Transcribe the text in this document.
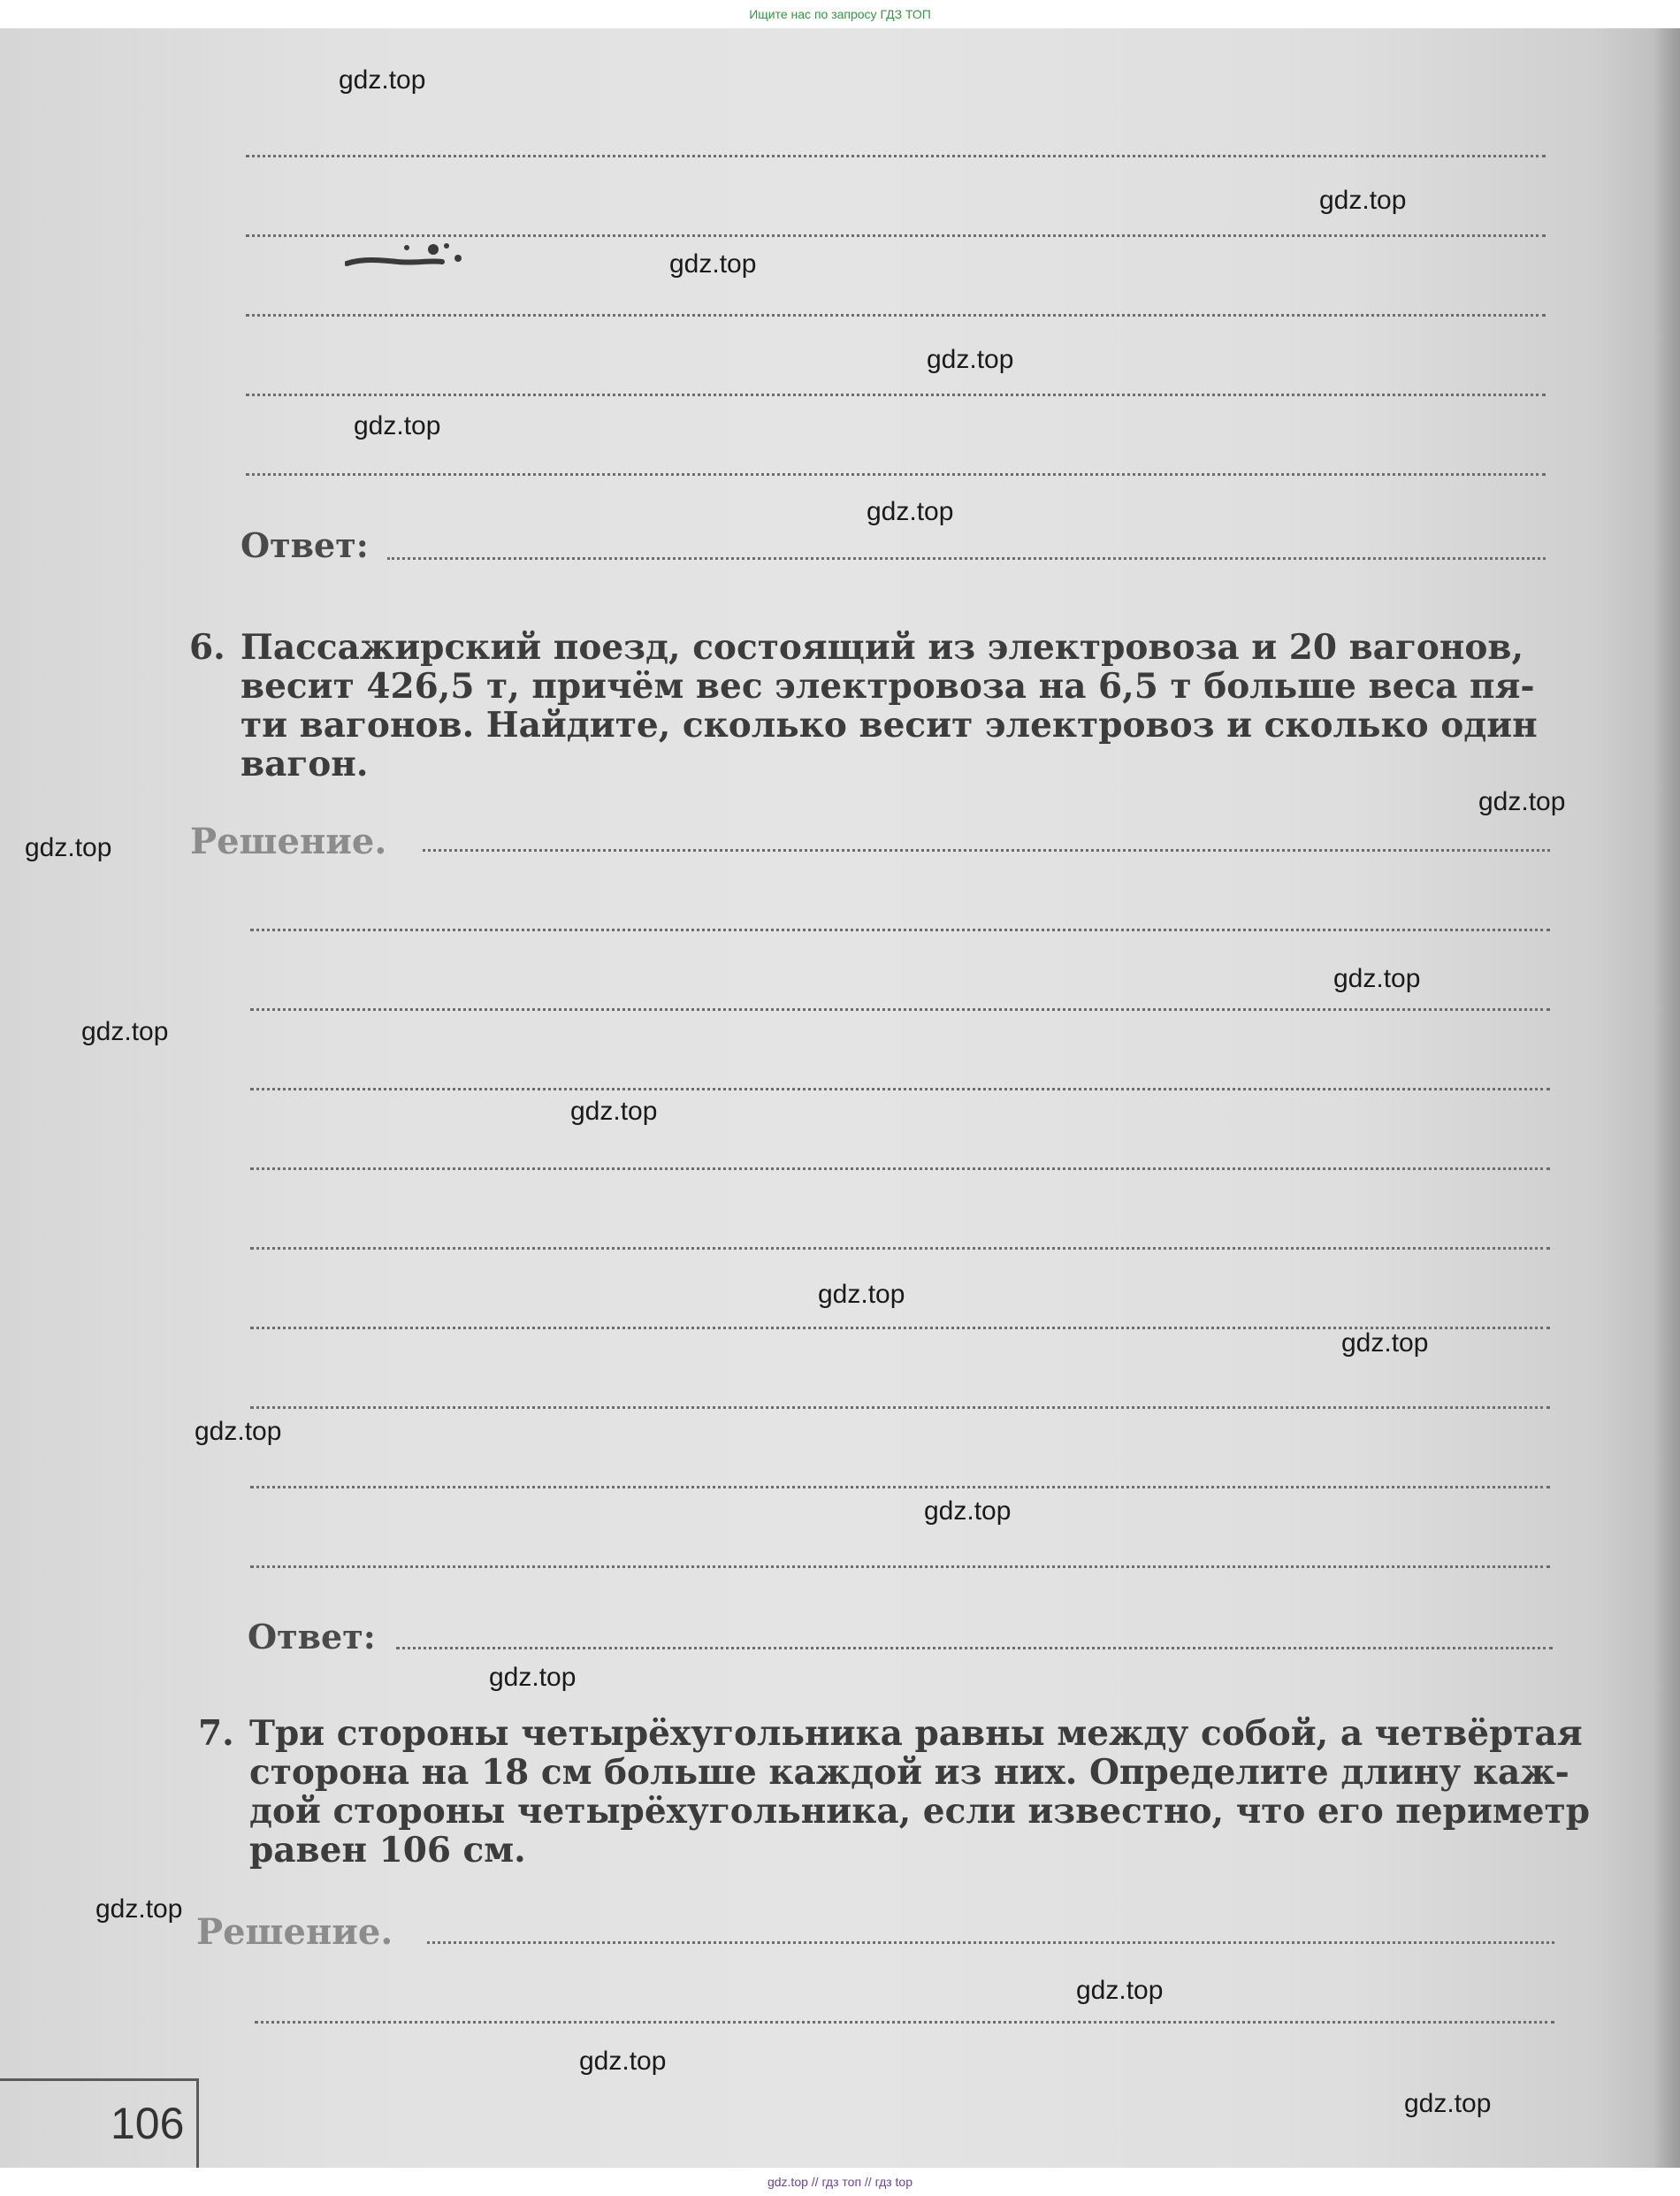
Ищите нас по запросу ГДЗ ТОП
Ответ:
6. Пассажирский поезд, состоящий из электровоза и 20 вагонов,
весит 426,5 т, причём вес электровоза на 6,5 т больше веса пя-
ти вагонов. Найдите, сколько весит электровоз и сколько один
вагон.
Решение.
Ответ:
7. Три стороны четырёхугольника равны между собой, а четвёртая
сторона на 18 см больше каждой из них. Определите длину каж-
дой стороны четырёхугольника, если известно, что его периметр
равен 106 см.
Решение.
gdz.top
gdz.top
gdz.top
gdz.top
gdz.top
gdz.top
gdz.top
gdz.top
gdz.top
gdz.top
gdz.top
gdz.top
gdz.top
gdz.top
gdz.top
gdz.top
gdz.top
gdz.top
gdz.top
gdz.top
106
gdz.top // гдз топ // гдз top
